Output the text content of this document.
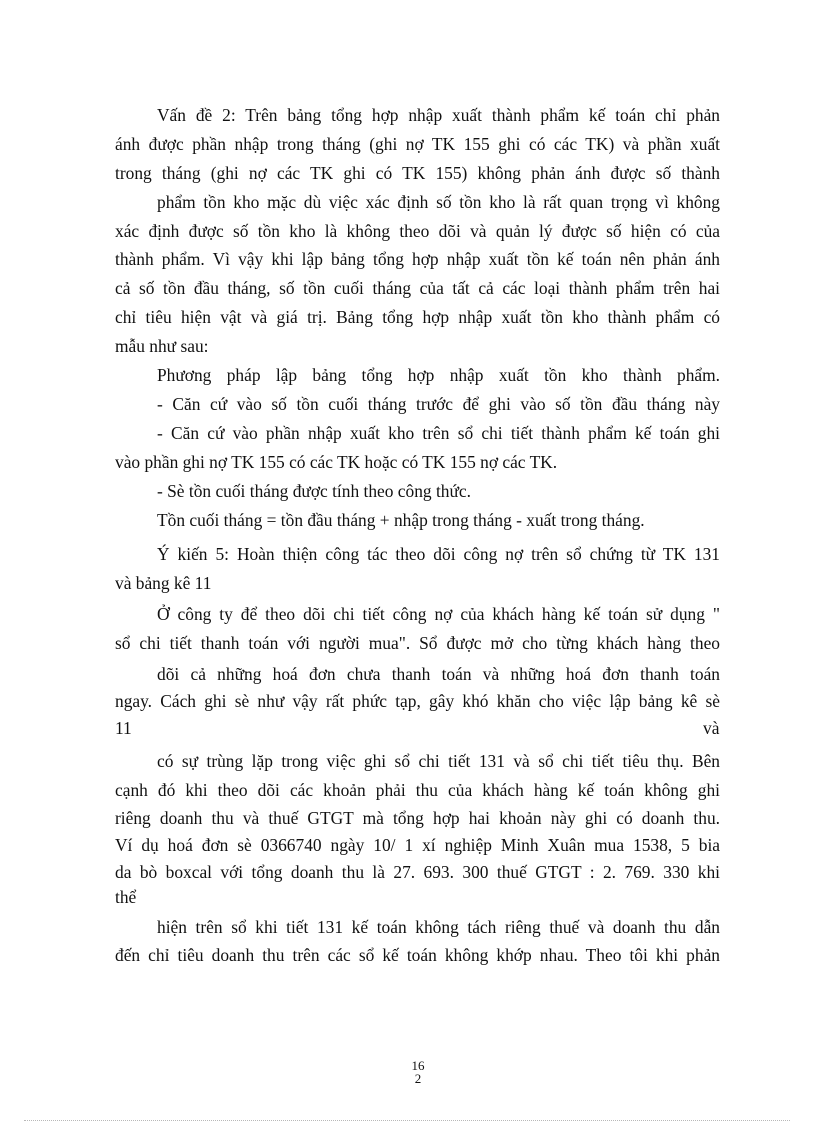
Vấn đề 2: Trên bảng tổng hợp nhập xuất thành phẩm kế toán chỉ phản
ánh được phần nhập trong tháng (ghi nợ TK 155 ghi có các TK) và phần xuất
trong tháng (ghi nợ các TK ghi có TK 155) không phản ánh được số thành
phẩm tồn kho mặc dù việc xác định số tồn kho là rất quan trọng vì không
xác định được số tồn kho là không theo dõi và quản lý được số hiện có của
thành phẩm. Vì vậy khi lập bảng tổng hợp nhập xuất tồn kế toán nên phản ánh
cả số tồn đầu tháng, số tồn cuối tháng của tất cả các loại thành phẩm trên hai
chỉ tiêu hiện vật và giá trị. Bảng tổng hợp nhập xuất tồn kho thành phẩm có
mẫu như sau:
Phương pháp lập bảng tổng hợp nhập xuất tồn kho thành phẩm.
- Căn cứ vào số tồn cuối tháng trước để ghi vào số tồn đầu tháng này
- Căn cứ vào phần nhập xuất kho trên sổ chi tiết thành phẩm kế toán ghi
vào phần ghi nợ TK 155 có các TK hoặc có TK 155 nợ các TK.
- Sè tồn cuối tháng được tính theo công thức.
Tồn cuối tháng = tồn đầu tháng + nhập trong tháng - xuất trong tháng.
Ý kiến 5: Hoàn thiện công tác theo dõi công nợ trên sổ chứng từ TK 131
và bảng kê 11
Ở công ty để theo dõi chi tiết công nợ của khách hàng kế toán sử dụng "
sổ chi tiết thanh toán với người mua". Sổ được mở cho từng khách hàng theo
dõi cả những hoá đơn chưa thanh toán và những hoá đơn thanh toán
ngay. Cách ghi sè như vậy rất phức tạp, gây khó khăn cho việc lập bảng kê sè
11	và
có sự trùng lặp trong việc ghi sổ chi tiết 131 và sổ chi tiết tiêu thụ. Bên
cạnh đó khi theo dõi các khoản phải thu của khách hàng kế toán không ghi
riêng doanh thu và thuế GTGT mà tổng hợp hai khoản này ghi có doanh thu.
Ví dụ hoá đơn sè 0366740 ngày 10/ 1 xí nghiệp Minh Xuân mua 1538, 5 bia
da bò boxcal với tổng doanh thu là 27. 693. 300 thuế GTGT : 2. 769. 330 khi
thể
hiện trên sổ khi tiết 131 kế toán không tách riêng thuế và doanh thu dẫn
đến chỉ tiêu doanh thu trên các sổ kế toán không khớp nhau. Theo tôi khi phản
16
2
